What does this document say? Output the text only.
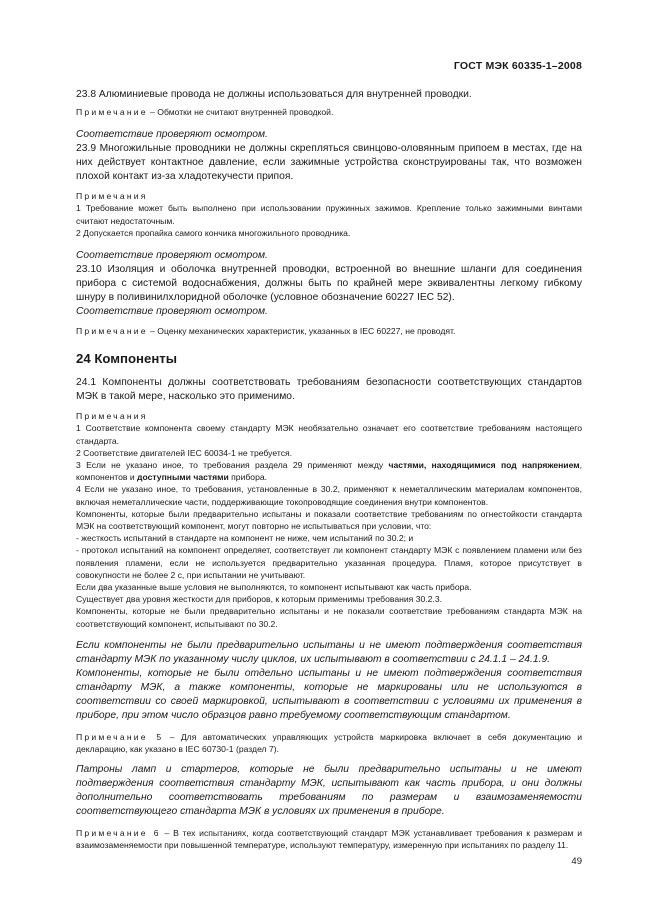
ГОСТ МЭК 60335-1–2008

23.8 Алюминиевые провода не должны использоваться для внутренней проводки.

Примечание – Обмотки не считают внутренней проводкой.

Соответствие проверяют осмотром.

23.9 Многожильные проводники не должны скрепляться свинцово-оловянным припоем в местах, где на них действует контактное давление, если зажимные устройства сконструированы так, что возможен плохой контакт из-за хладотекучести припоя.

Примечания

1 Требование может быть выполнено при использовании пружинных зажимов. Крепление только зажимными винтами считают недостаточным.

2 Допускается пропайка самого кончика многожильного проводника.

Соответствие проверяют осмотром.

23.10 Изоляция и оболочка внутренней проводки, встроенной во внешние шланги для соединения прибора с системой водоснабжения, должны быть по крайней мере эквивалентны легкому гибкому шнуру в поливинилхлоридной оболочке (условное обозначение 60227 IEC 52).

Соответствие проверяют осмотром.

Примечание – Оценку механических характеристик, указанных в IEC 60227, не проводят.

24 Компоненты

24.1 Компоненты должны соответствовать требованиям безопасности соответствующих стандартов МЭК в такой мере, насколько это применимо.

Примечания

1 Соответствие компонента своему стандарту МЭК необязательно означает его соответствие требованиям настоящего стандарта.

2 Соответствие двигателей IEC 60034-1 не требуется.

3 Если не указано иное, то требования раздела 29 применяют между частями, находящимися под напряжением, компонентов и доступными частями прибора.

4 Если не указано иное, то требования, установленные в 30.2, применяют к неметаллическим материалам компонентов, включая неметаллические части, поддерживающие токопроводящие соединения внутри компонентов.

Компоненты, которые были предварительно испытаны и показали соответствие требованиям по огнестойкости стандарта МЭК на соответствующий компонент, могут повторно не испытываться при условии, что:

- жесткость испытаний в стандарте на компонент не ниже, чем испытаний по 30.2; и

- протокол испытаний на компонент определяет, соответствует ли компонент стандарту МЭК с появлением пламени или без появления пламени, если не используется предварительно указанная процедура. Пламя, которое присутствует в совокупности не более 2 с, при испытании не учитывают.

Если два указанные выше условия не выполняются, то компонент испытывают как часть прибора.

Существует два уровня жесткости для приборов, к которым применимы требования 30.2.3.

Компоненты, которые не были предварительно испытаны и не показали соответствие требованиям стандарта МЭК на соответствующий компонент, испытывают по 30.2.

Если компоненты не были предварительно испытаны и не имеют подтверждения соответствия стандарту МЭК по указанному числу циклов, их испытывают в соответствии с 24.1.1 – 24.1.9.

Компоненты, которые не были отдельно испытаны и не имеют подтверждения соответствия стандарту МЭК, а также компоненты, которые не маркированы или не используются в соответствии со своей маркировкой, испытывают в соответствии с условиями их применения в приборе, при этом число образцов равно требуемому соответствующим стандартом.

Примечание 5 – Для автоматических управляющих устройств маркировка включает в себя документацию и декларацию, как указано в IEC 60730-1 (раздел 7).

Патроны ламп и стартеров, которые не были предварительно испытаны и не имеют подтверждения соответствия стандарту МЭК, испытывают как часть прибора, и они должны дополнительно соответствовать требованиям по размерам и взаимозаменяемости соответствующего стандарта МЭК в условиях их применения в приборе.

Примечание 6 – В тех испытаниях, когда соответствующий стандарт МЭК устанавливает требования к размерам и взаимозаменяемости при повышенной температуре, используют температуру, измеренную при испытаниях по разделу 11.

49
